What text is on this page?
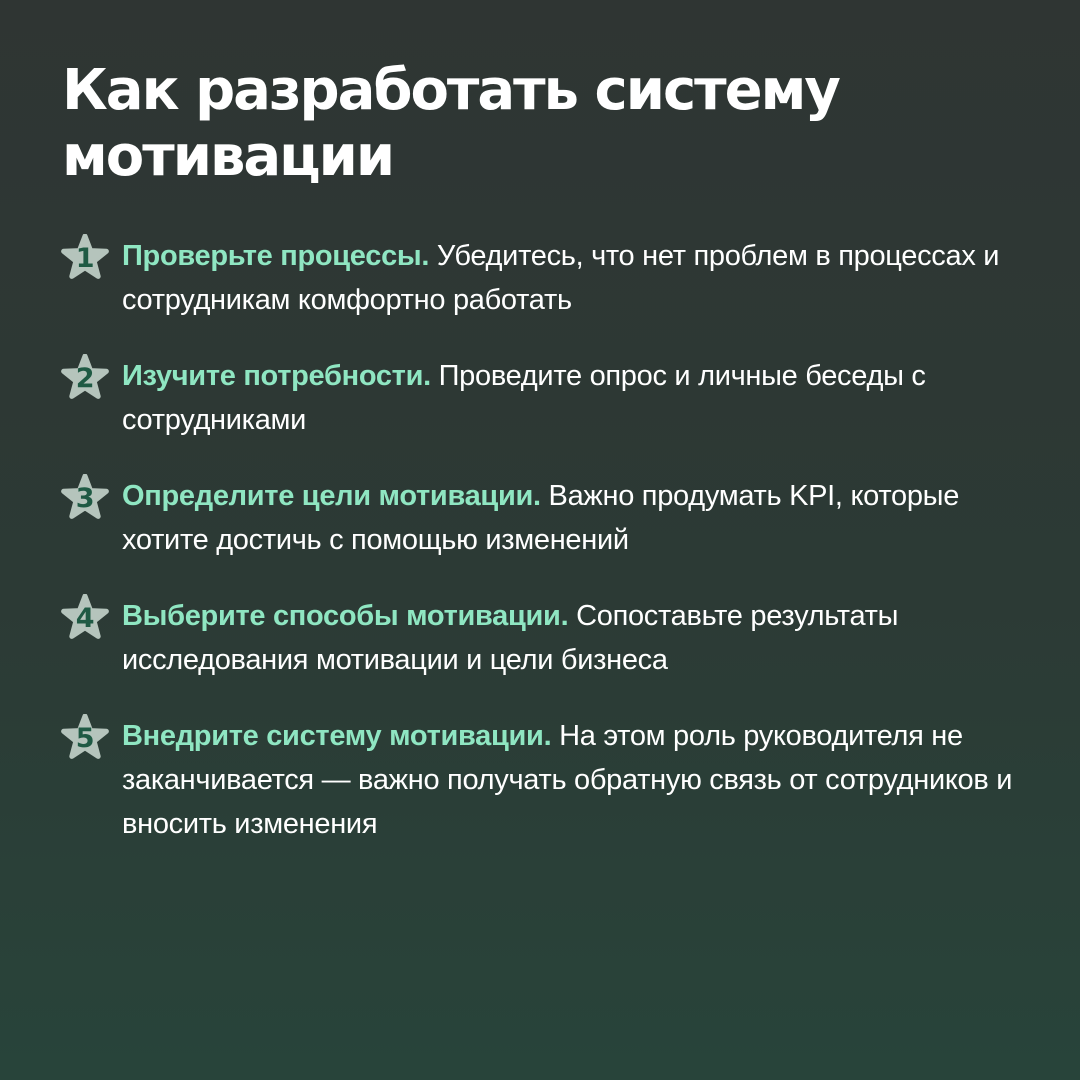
Как разработать систему мотивации
1 Проверьте процессы. Убедитесь, что нет проблем в процессах и сотрудникам комфортно работать
2 Изучите потребности. Проведите опрос и личные беседы с сотрудниками
3 Определите цели мотивации. Важно продумать KPI, которые хотите достичь с помощью изменений
4 Выберите способы мотивации. Сопоставьте результаты исследования мотивации и цели бизнеса
5 Внедрите систему мотивации. На этом роль руководителя не заканчивается — важно получать обратную связь от сотрудников и вносить изменения
